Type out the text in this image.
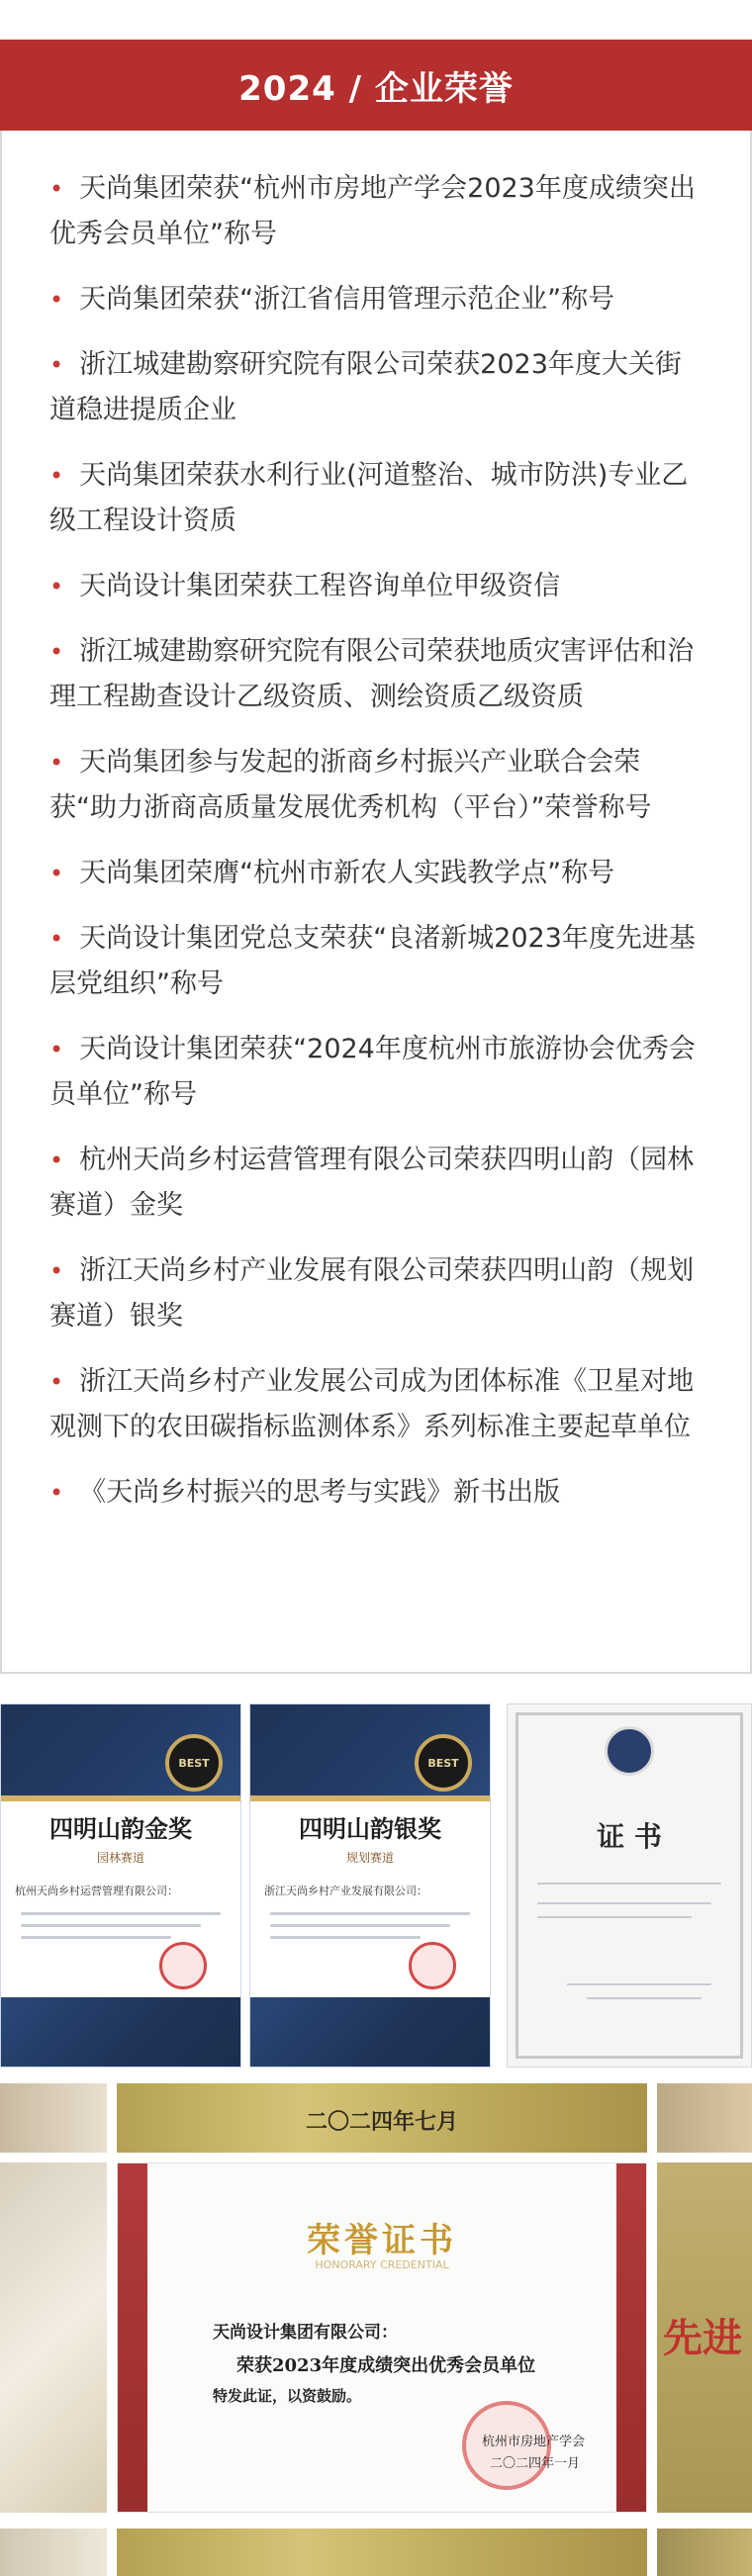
2024 / 企业荣誉
• 天尚集团荣获“杭州市房地产学会2023年度成绩突出优秀会员单位”称号
• 天尚集团荣获“浙江省信用管理示范企业”称号
• 浙江城建勘察研究院有限公司荣获2023年度大关街道稳进提质企业
• 天尚集团荣获水利行业(河道整治、城市防洪)专业乙级工程设计资质
• 天尚设计集团荣获工程咨询单位甲级资信
• 浙江城建勘察研究院有限公司荣获地质灾害评估和治理工程勘查设计乙级资质、测绘资质乙级资质
• 天尚集团参与发起的浙商乡村振兴产业联合会荣获“助力浙商高质量发展优秀机构（平台）”荣誉称号
• 天尚集团荣膺“杭州市新农人实践教学点”称号
• 天尚设计集团党总支荣获“良渚新城2023年度先进基层党组织”称号
• 天尚设计集团荣获“2024年度杭州市旅游协会优秀会员单位”称号
• 杭州天尚乡村运营管理有限公司荣获四明山韵（园林赛道）金奖
• 浙江天尚乡村产业发展有限公司荣获四明山韵（规划赛道）银奖
• 浙江天尚乡村产业发展公司成为团体标准《卫星对地观测下的农田碳指标监测体系》系列标准主要起草单位
• 《天尚乡村振兴的思考与实践》新书出版
BEST
四明山韵金奖
园林赛道
杭州天尚乡村运营管理有限公司：
BEST
四明山韵银奖
规划赛道
浙江天尚乡村产业发展有限公司：
证 书
二〇二四年七月
荣誉证书
HONORARY CREDENTIAL
天尚设计集团有限公司：
荣获2023年度成绩突出优秀会员单位
特发此证，以资鼓励。
杭州市房地产学会
二〇二四年一月
先进
